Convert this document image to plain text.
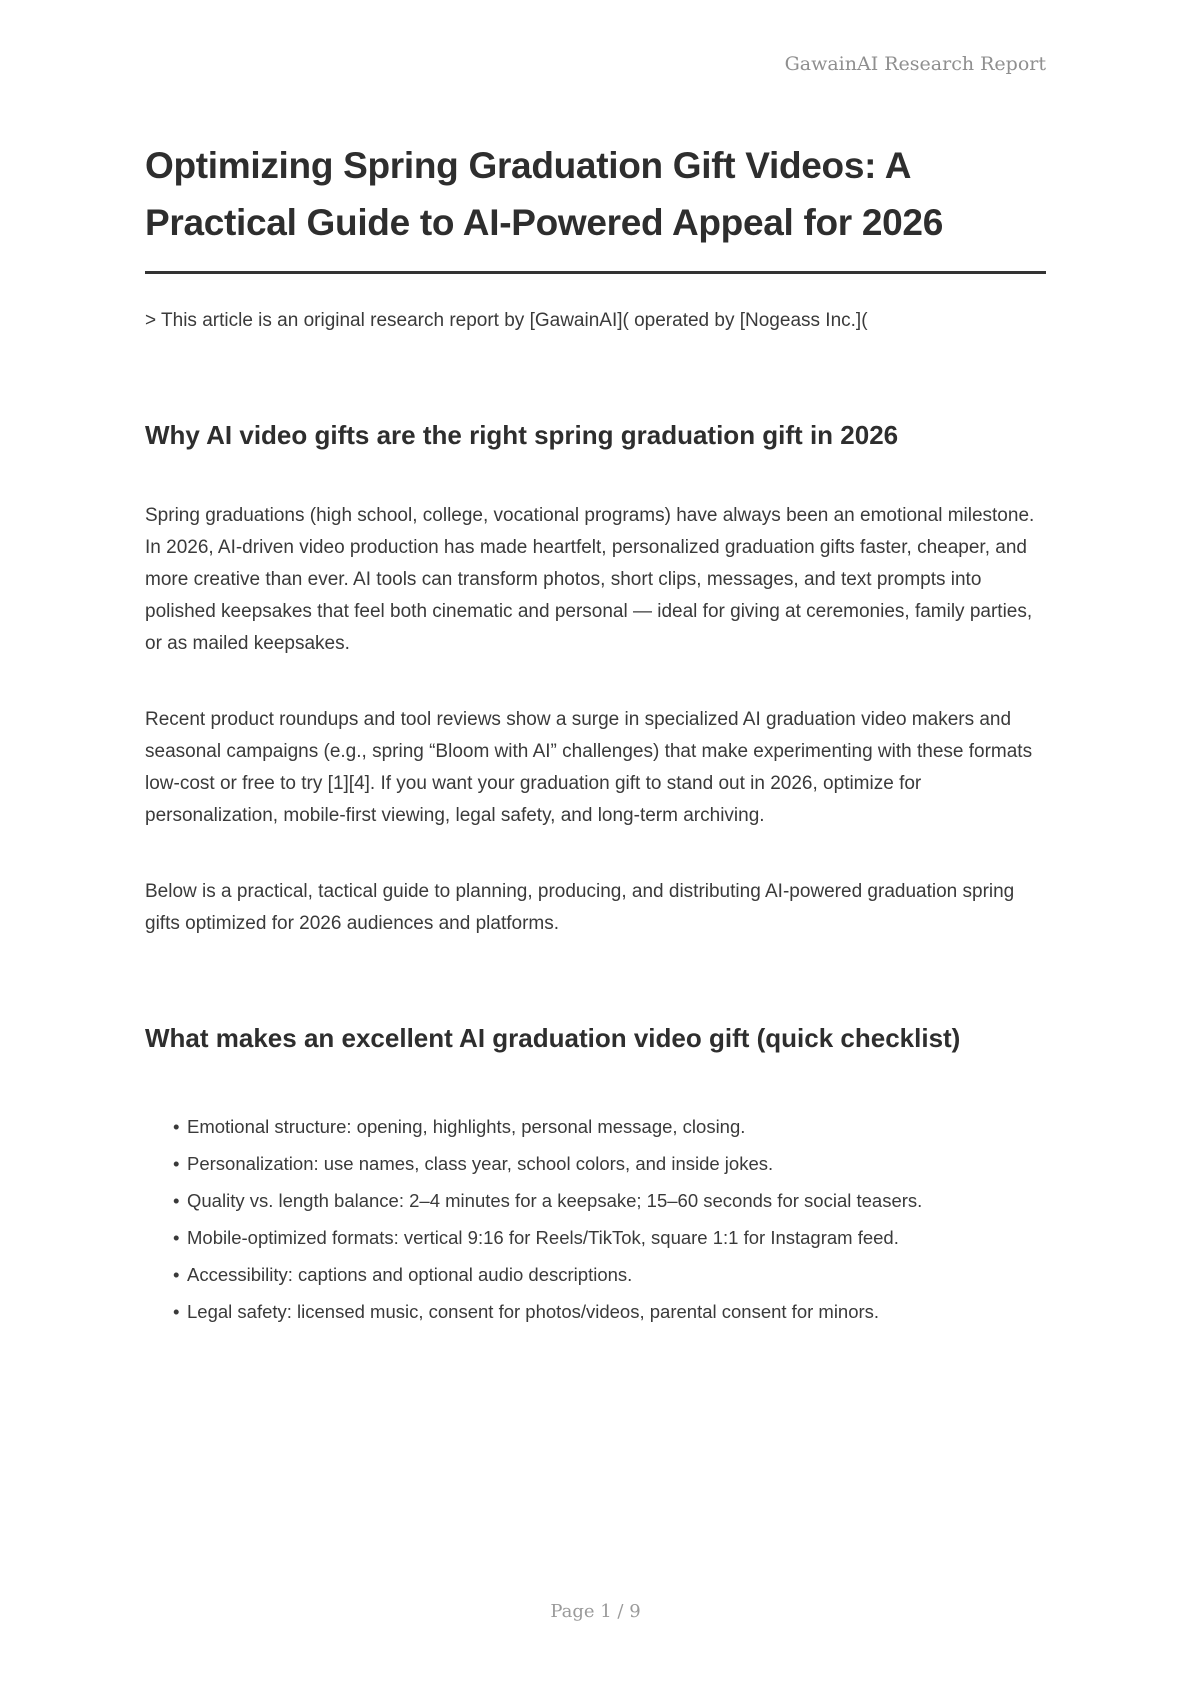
GawainAI Research Report
Optimizing Spring Graduation Gift Videos: A Practical Guide to AI-Powered Appeal for 2026

> This article is an original research report by [GawainAI]( operated by [Nogeass Inc.](

Why AI video gifts are the right spring graduation gift in 2026

Spring graduations (high school, college, vocational programs) have always been an emotional milestone. In 2026, AI-driven video production has made heartfelt, personalized graduation gifts faster, cheaper, and more creative than ever. AI tools can transform photos, short clips, messages, and text prompts into polished keepsakes that feel both cinematic and personal — ideal for giving at ceremonies, family parties, or as mailed keepsakes.

Recent product roundups and tool reviews show a surge in specialized AI graduation video makers and seasonal campaigns (e.g., spring “Bloom with AI” challenges) that make experimenting with these formats low-cost or free to try [1][4]. If you want your graduation gift to stand out in 2026, optimize for personalization, mobile-first viewing, legal safety, and long-term archiving.

Below is a practical, tactical guide to planning, producing, and distributing AI-powered graduation spring gifts optimized for 2026 audiences and platforms.

What makes an excellent AI graduation video gift (quick checklist)
• Emotional structure: opening, highlights, personal message, closing.
• Personalization: use names, class year, school colors, and inside jokes.
• Quality vs. length balance: 2–4 minutes for a keepsake; 15–60 seconds for social teasers.
• Mobile-optimized formats: vertical 9:16 for Reels/TikTok, square 1:1 for Instagram feed.
• Accessibility: captions and optional audio descriptions.
• Legal safety: licensed music, consent for photos/videos, parental consent for minors.
Page 1 / 9
